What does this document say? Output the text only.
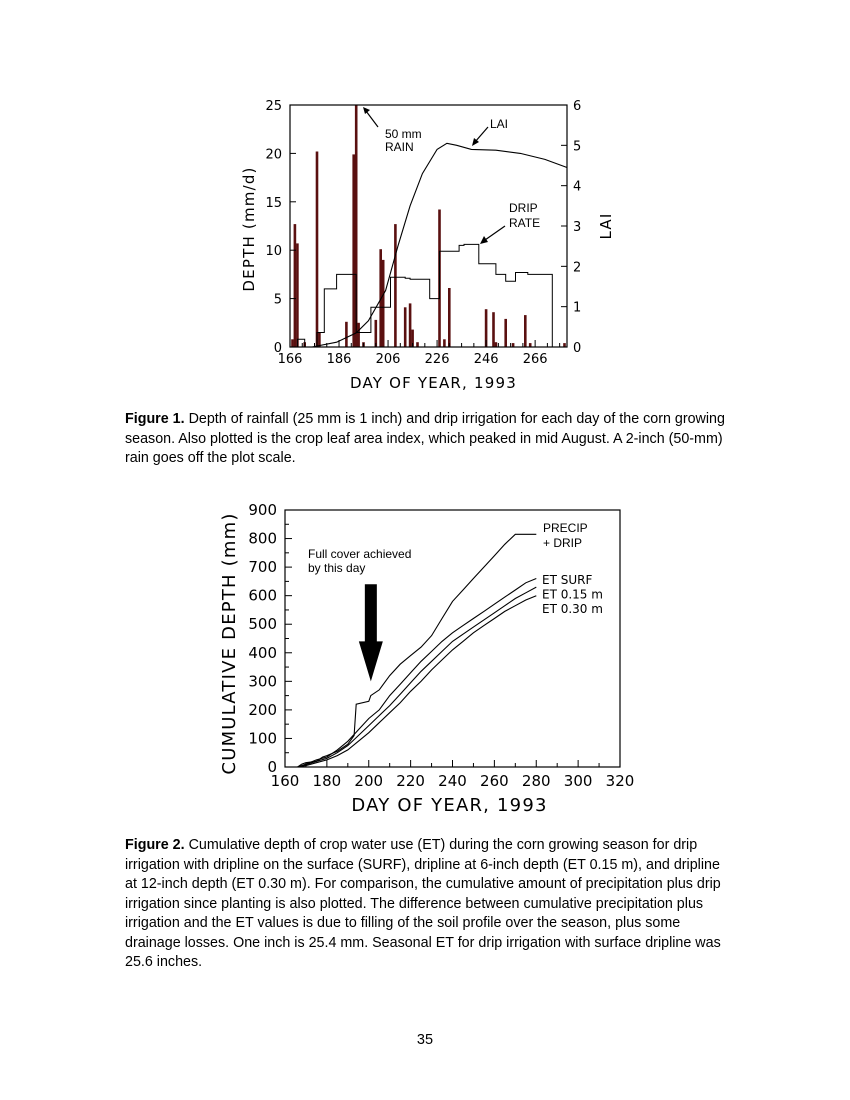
166 186 206 226 246 266
0
5
10
15
20
25
0
1
2
3
4
5
6
DAY OF YEAR, 1993
DEPTH (mm/d)	LAI
50 mm
RAIN
LAI
DRIP
RATE
160 180 200 220 240 260 280 300 320
0
100
200
300
400
500
600
700
800
900
DAY OF YEAR, 1993
CUMULATIVE DEPTH (mm)	PRECIP
+ DRIP
ET SURF
ET 0.15 m
ET 0.30 m
Full cover achieved
by this day
Figure 1. Depth of rainfall (25 mm is 1 inch) and drip irrigation for each day of the corn growing season. Also plotted is the crop leaf area index, which peaked in mid August. A 2-inch (50-mm) rain goes off the plot scale.
Figure 2. Cumulative depth of crop water use (ET) during the corn growing season for drip irrigation with dripline on the surface (SURF), dripline at 6-inch depth (ET 0.15 m), and dripline at 12-inch depth (ET 0.30 m). For comparison, the cumulative amount of precipitation plus drip irrigation since planting is also plotted. The difference between cumulative precipitation plus irrigation and the ET values is due to filling of the soil profile over the season, plus some drainage losses. One inch is 25.4 mm. Seasonal ET for drip irrigation with surface dripline was 25.6 inches.
35
